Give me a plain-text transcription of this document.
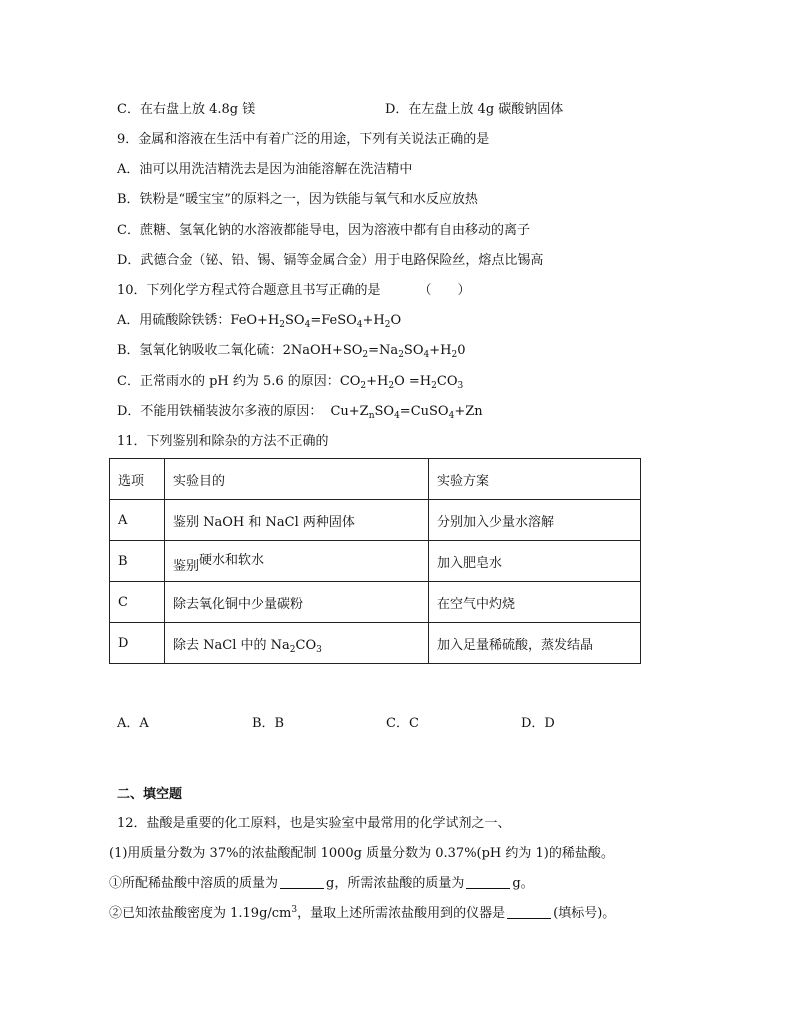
C．在右盘上放 4.8g 镁	D．在左盘上放 4g 碳酸钠固体
9．金属和溶液在生活中有着广泛的用途，下列有关说法正确的是
A．油可以用洗洁精洗去是因为油能溶解在洗洁精中
B．铁粉是“暖宝宝”的原料之一，因为铁能与氧气和水反应放热
C．蔗糖、氢氧化钠的水溶液都能导电，因为溶液中都有自由移动的离子
D．武德合金（铋、铅、锡、镉等金属合金）用于电路保险丝，熔点比锡高
10．下列化学方程式符合题意且书写正确的是	（　　）
A．用硫酸除铁锈：$FeO+H_2SO_4=FeSO_4+H_2O$
B．氢氧化钠吸收二氧化硫：$2NaOH+SO_2=Na_2SO_4+H_20$
C．正常雨水的 pH 约为 5.6 的原因：$CO_2+H_2O =H_2CO_3$
D．不能用铁桶装波尔多液的原因： $Cu+Z_nSO_4=CuSO_4+Zn$
11．下列鉴别和除杂的方法不正确的
选项	实验目的	实验方案
A	鉴别 NaOH 和 NaCl 两种固体	分别加入少量水溶解
B	鉴别硬水和软水	加入肥皂水
C	除去氧化铜中少量碳粉	在空气中灼烧
D	除去 NaCl 中的 $Na_2CO_3$	加入足量稀硫酸，蒸发结晶
A．A	B．B	C．C	D．D
二、填空题
12．盐酸是重要的化工原料，也是实验室中最常用的化学试剂之一、
(1)用质量分数为 37%的浓盐酸配制 1000g 质量分数为 0.37%(pH 约为 1)的稀盐酸。
①所配稀盐酸中溶质的质量为	g，所需浓盐酸的质量为	g。
②已知浓盐酸密度为 $1.19g/cm^3$，量取上述所需浓盐酸用到的仪器是	(填标号)。
